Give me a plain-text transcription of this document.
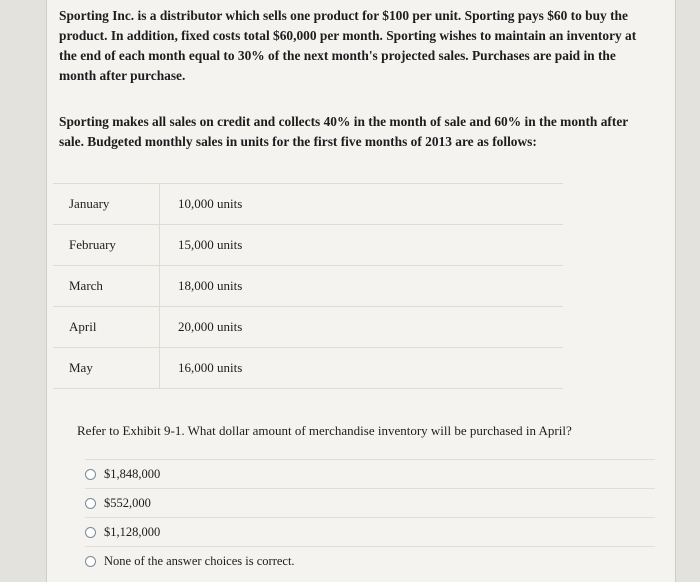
Sporting Inc. is a distributor which sells one product for $100 per unit. Sporting pays $60 to buy the product. In addition, fixed costs total $60,000 per month. Sporting wishes to maintain an inventory at the end of each month equal to 30% of the next month's projected sales. Purchases are paid in the month after purchase.

Sporting makes all sales on credit and collects 40% in the month of sale and 60% in the month after sale. Budgeted monthly sales in units for the first five months of 2013 are as follows:

January	10,000 units
February	15,000 units
March	18,000 units
April	20,000 units
May	16,000 units
Refer to Exhibit 9-1. What dollar amount of merchandise inventory will be purchased in April?
$1,848,000
$552,000
$1,128,000
None of the answer choices is correct.
